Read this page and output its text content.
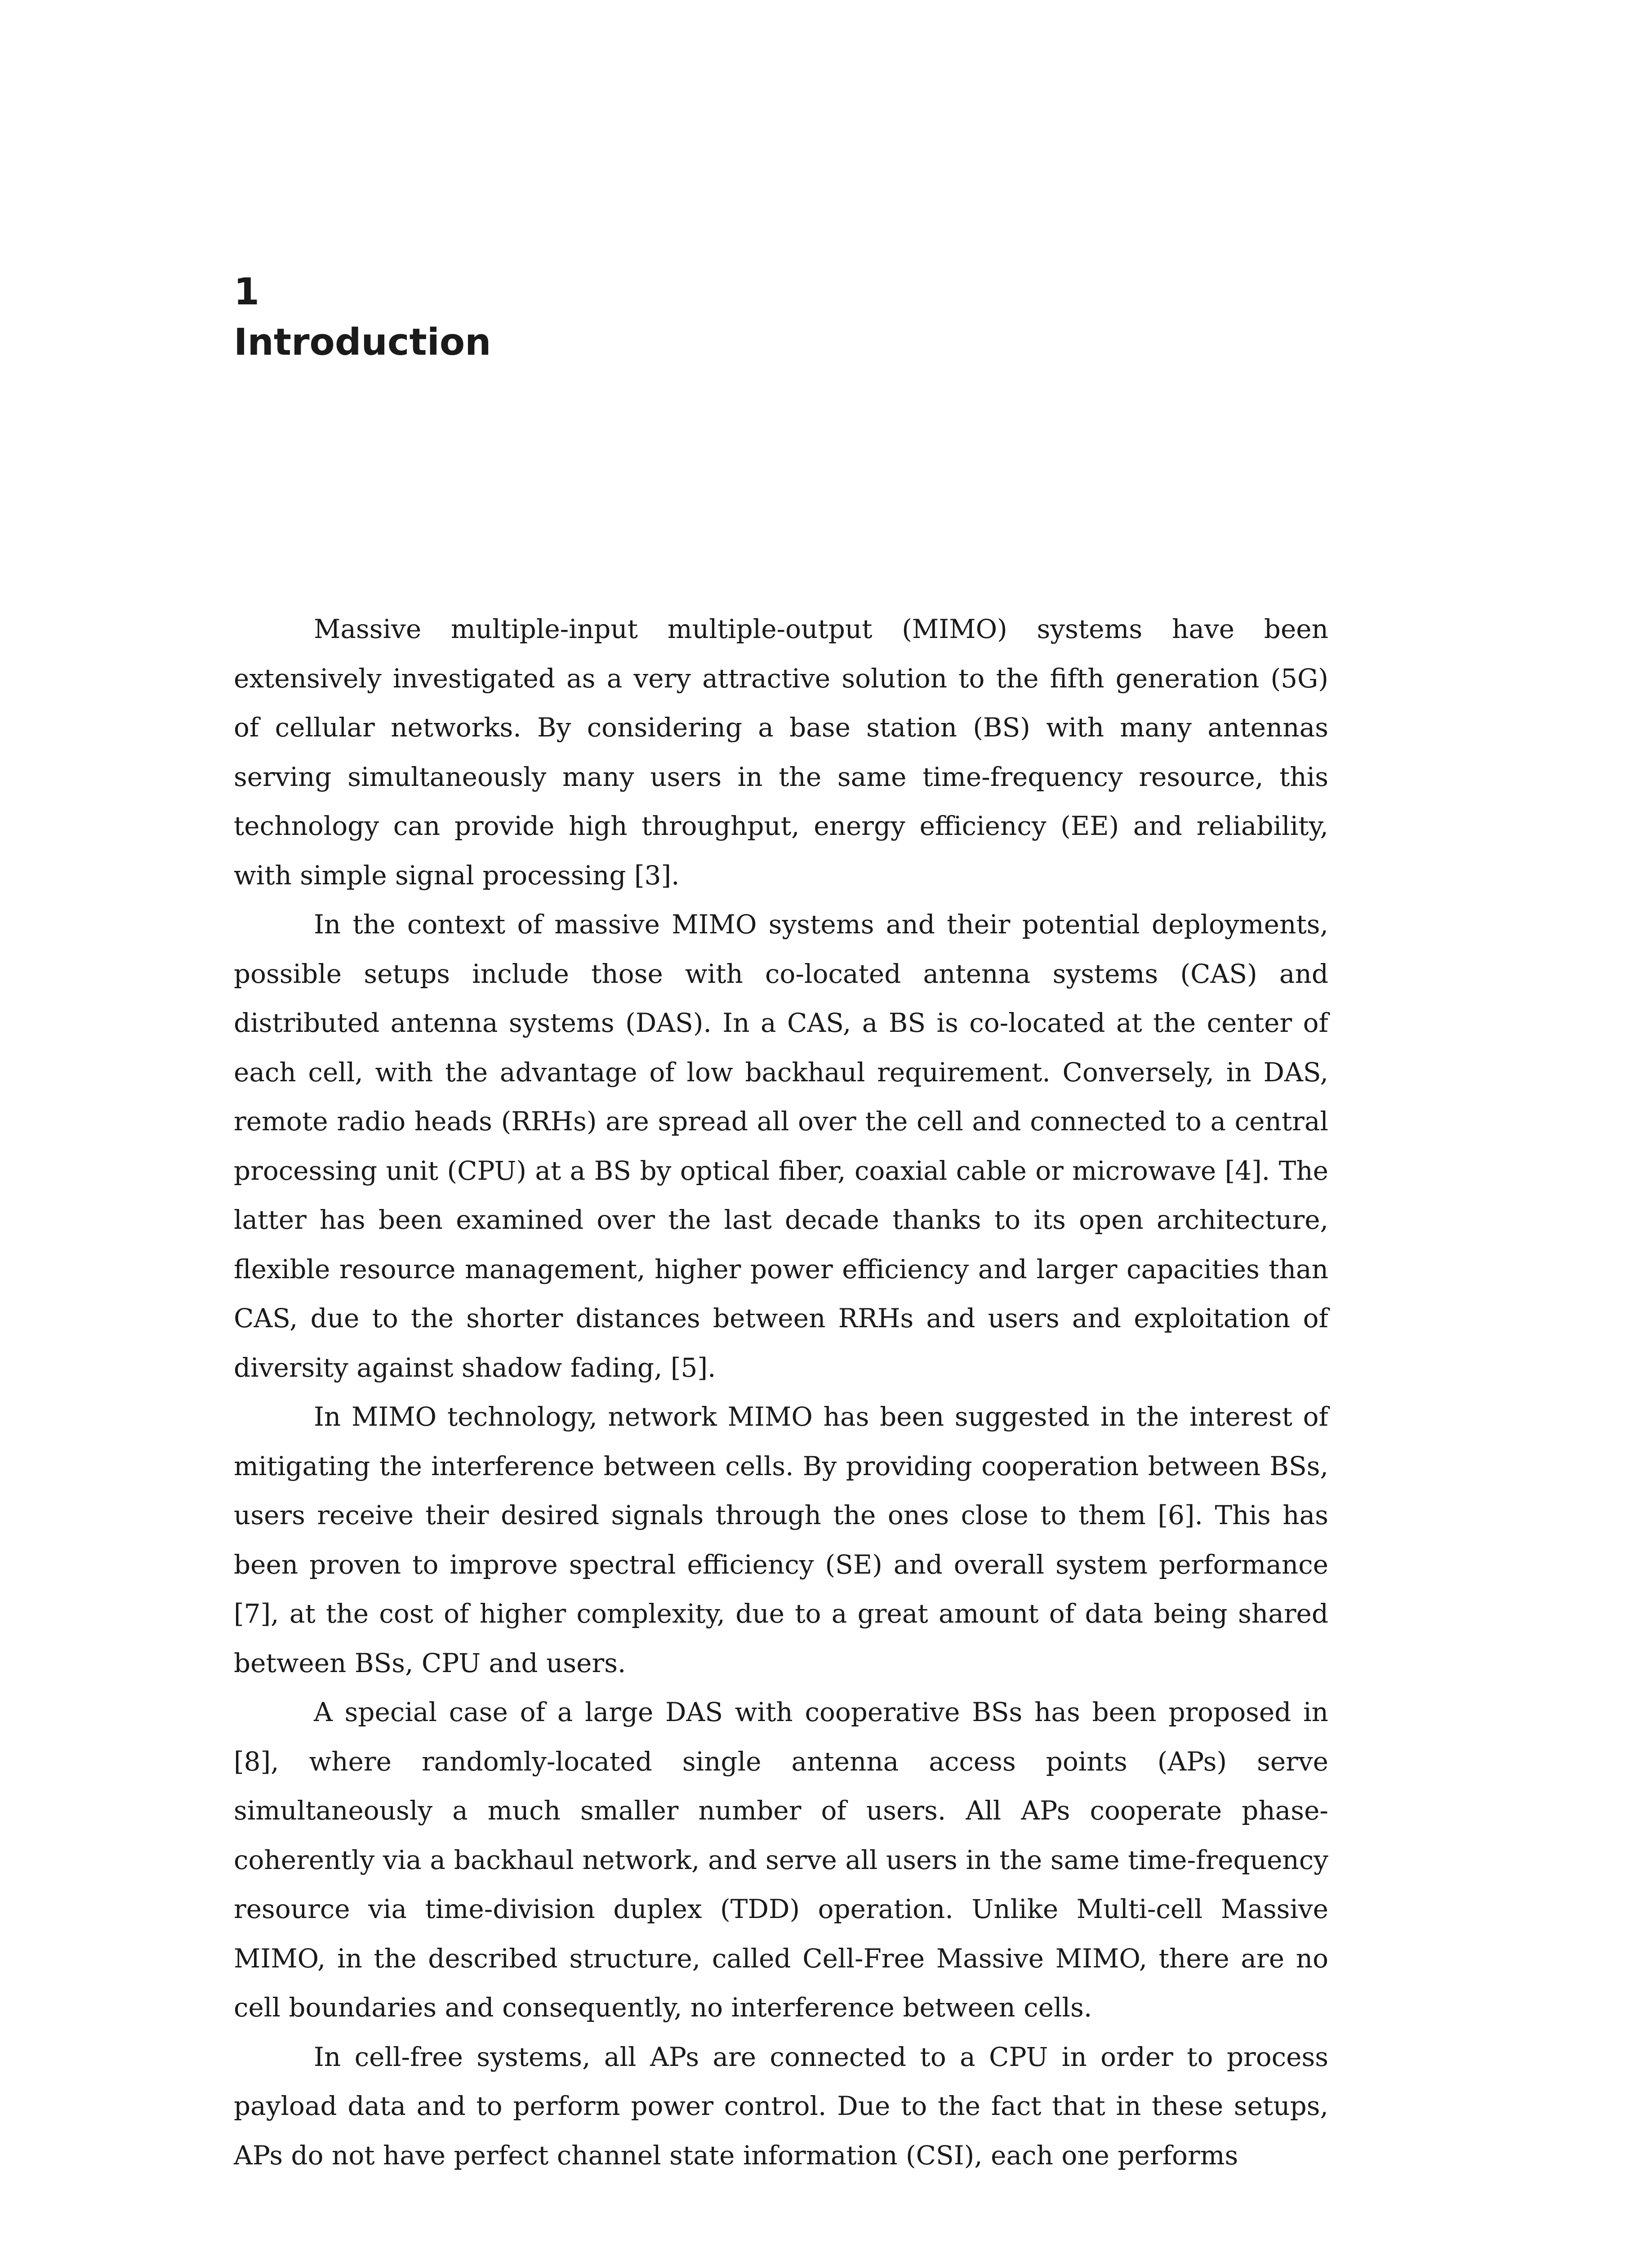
1
Introduction

Massive multiple-input multiple-output (MIMO) systems have been extensively investigated as a very attractive solution to the fifth generation (5G) of cellular networks. By considering a base station (BS) with many antennas serving simultaneously many users in the same time-frequency resource, this technology can provide high throughput, energy efficiency (EE) and reliability, with simple signal processing [3].

In the context of massive MIMO systems and their potential deployments, possible setups include those with co-located antenna systems (CAS) and distributed antenna systems (DAS). In a CAS, a BS is co-located at the center of each cell, with the advantage of low backhaul requirement. Conversely, in DAS, remote radio heads (RRHs) are spread all over the cell and connected to a central processing unit (CPU) at a BS by optical fiber, coaxial cable or microwave [4]. The latter has been examined over the last decade thanks to its open architecture, flexible resource management, higher power efficiency and larger capacities than CAS, due to the shorter distances between RRHs and users and exploitation of diversity against shadow fading, [5].

In MIMO technology, network MIMO has been suggested in the interest of mitigating the interference between cells. By providing cooperation between BSs, users receive their desired signals through the ones close to them [6]. This has been proven to improve spectral efficiency (SE) and overall system performance [7], at the cost of higher complexity, due to a great amount of data being shared between BSs, CPU and users.

A special case of a large DAS with cooperative BSs has been proposed in [8], where randomly-located single antenna access points (APs) serve simultaneously a much smaller number of users. All APs cooperate phase-coherently via a backhaul network, and serve all users in the same time-frequency resource via time-division duplex (TDD) operation. Unlike Multi-cell Massive MIMO, in the described structure, called Cell-Free Massive MIMO, there are no cell boundaries and consequently, no interference between cells.

In cell-free systems, all APs are connected to a CPU in order to process payload data and to perform power control. Due to the fact that in these setups, APs do not have perfect channel state information (CSI), each one performs
